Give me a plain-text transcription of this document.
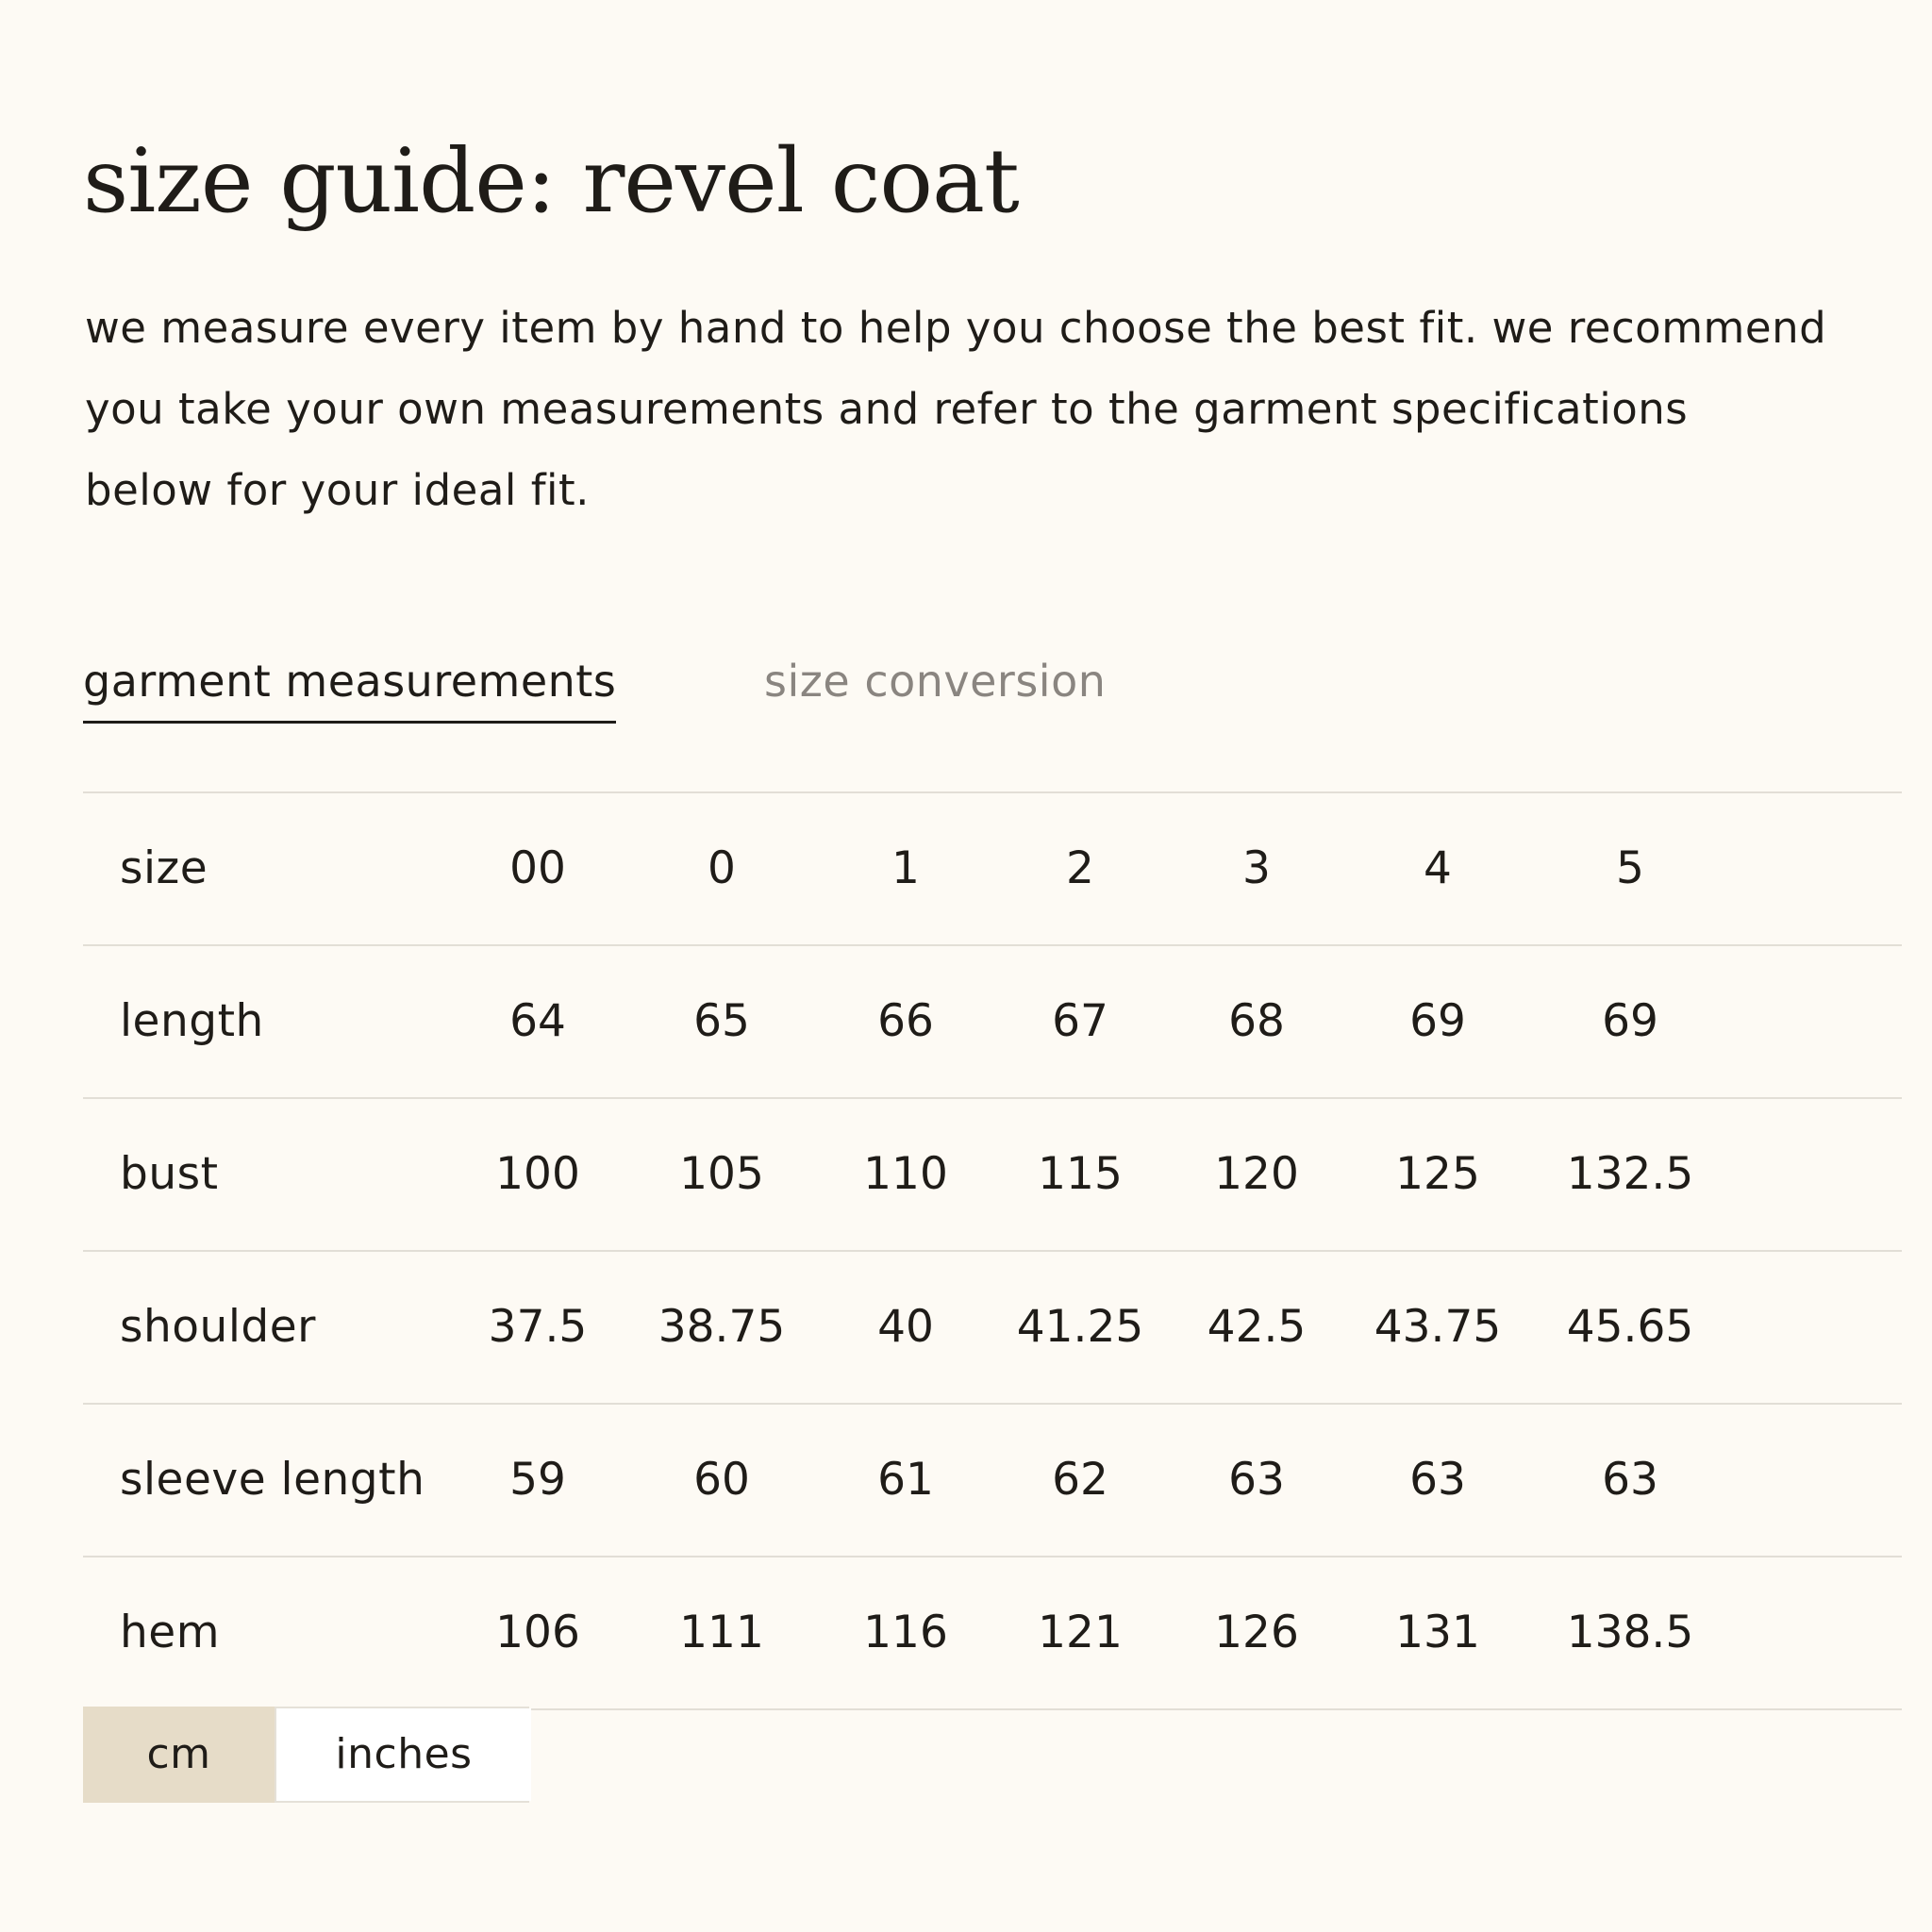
size guide: revel coat

we measure every item by hand to help you choose the best fit. we recommend
you take your own measurements and refer to the garment specifications
below for your ideal fit.

garment measurements	size conversion
size	00	0	1	2	3	4	5
length	64	65	66	67	68	69	69
bust	100	105	110	115	120	125	132.5
shoulder	37.5	38.75	40	41.25	42.5	43.75	45.65
sleeve length	59	60	61	62	63	63	63
hem	106	111	116	121	126	131	138.5
cm	inches
